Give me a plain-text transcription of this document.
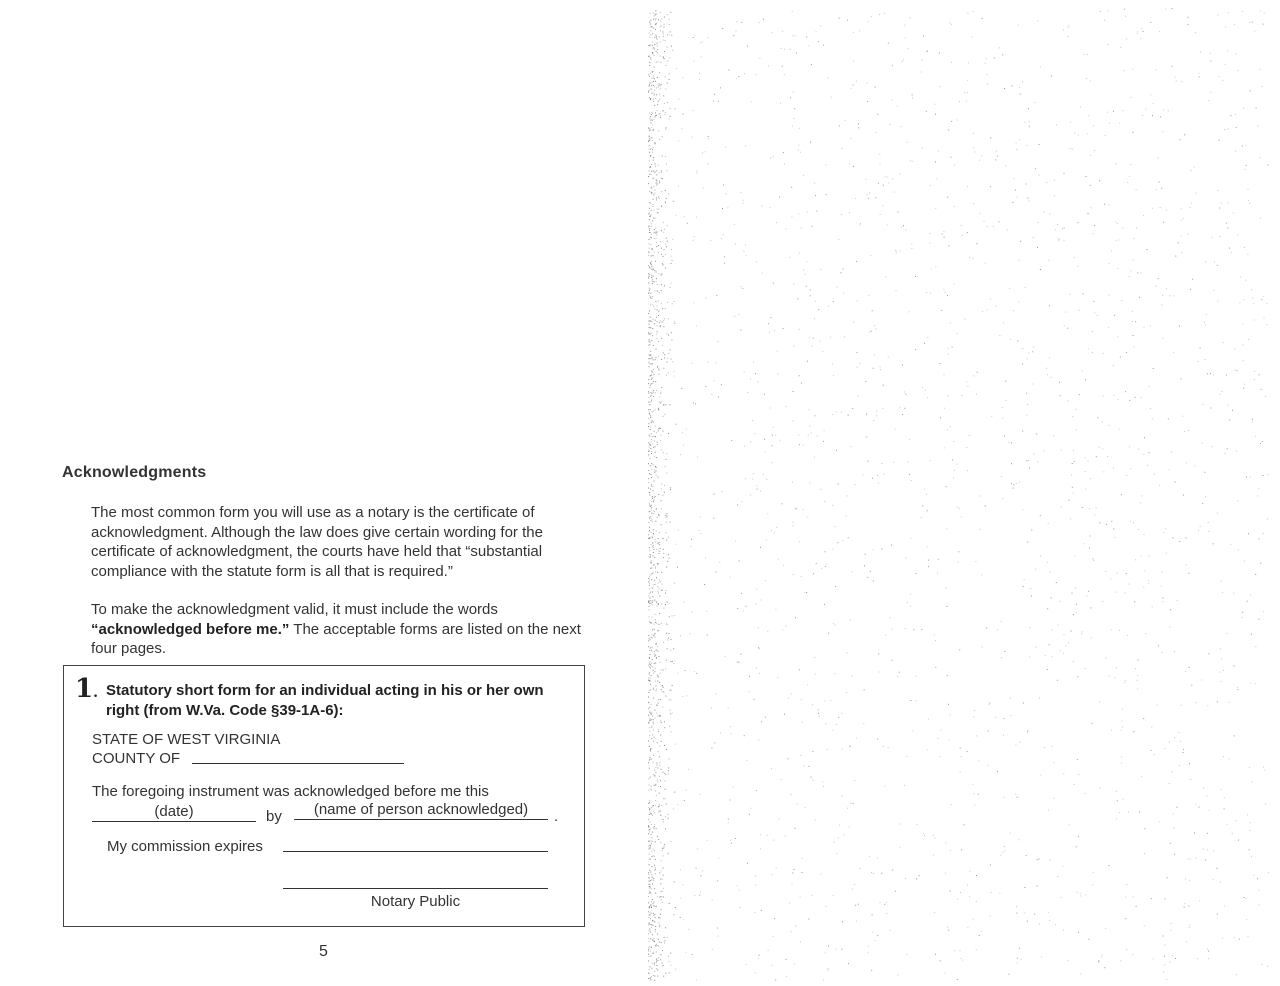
Acknowledgments
The most common form you will use as a notary is the certificate of acknowledgment. Although the law does give certain wording for the certificate of acknowledgment, the courts have held that “substantial compliance with the statute form is all that is required.”
To make the acknowledgment valid, it must include the words “acknowledged before me.” The acceptable forms are listed on the next four pages.
1. Statutory short form for an individual acting in his or her own right (from W.Va. Code §39-1A-6):
STATE OF WEST VIRGINIA
COUNTY OF
The foregoing instrument was acknowledged before me this
(date)	by	(name of person acknowledged)	.
My commission expires
Notary Public
5
